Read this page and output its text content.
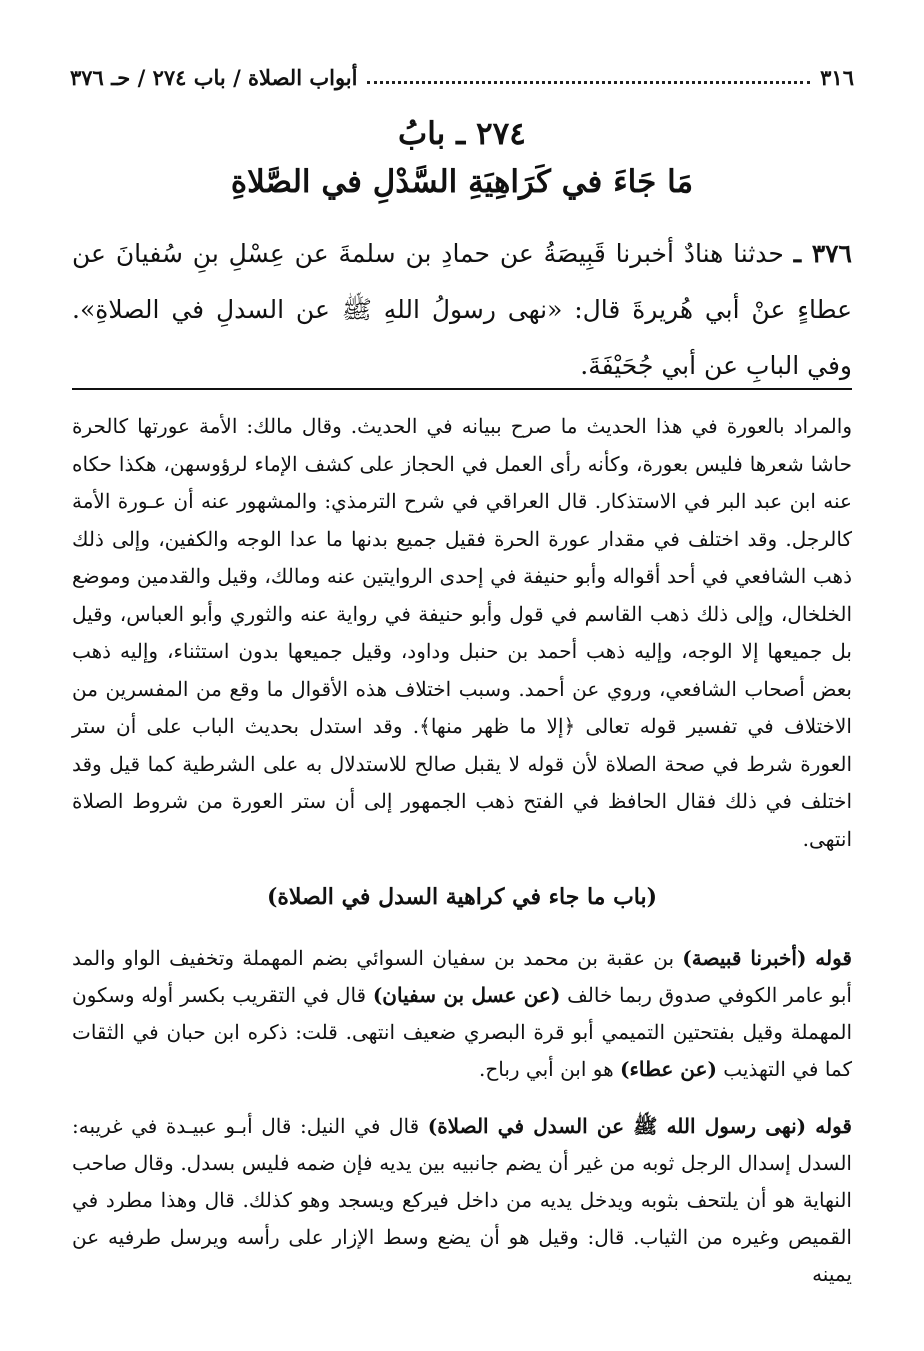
٣١٦
أبواب الصلاة / باب ٢٧٤ / حـ ٣٧٦
٢٧٤ ـ بابُ
مَا جَاءَ في كَرَاهِيَةِ السَّدْلِ في الصَّلاةِ
٣٧٦ ـ حدثنا هنادٌ أخبرنا قَبِيصَةُ عن حمادِ بن سلمةَ عن عِسْلِ بنِ سُفيانَ عن عطاءٍ عنْ أبي هُريرةَ قال: «نهى رسولُ اللهِ ﷺ عن السدلِ في الصلاةِ». وفي البابِ عن أبي جُحَيْفَةَ.
والمراد بالعورة في هذا الحديث ما صرح ببيانه في الحديث. وقال مالك: الأمة عورتها كالحرة حاشا شعرها فليس بعورة، وكأنه رأى العمل في الحجاز على كشف الإماء لرؤوسهن، هكذا حكاه عنه ابن عبد البر في الاستذكار. قال العراقي في شرح الترمذي: والمشهور عنه أن عـورة الأمة كالرجل. وقد اختلف في مقدار عورة الحرة فقيل جميع بدنها ما عدا الوجه والكفين، وإلى ذلك ذهب الشافعي في أحد أقواله وأبو حنيفة في إحدى الروايتين عنه ومالك، وقيل والقدمين وموضع الخلخال، وإلى ذلك ذهب القاسم في قول وأبو حنيفة في رواية عنه والثوري وأبو العباس، وقيل بل جميعها إلا الوجه، وإليه ذهب أحمد بن حنبل وداود، وقيل جميعها بدون استثناء، وإليه ذهب بعض أصحاب الشافعي، وروي عن أحمد. وسبب اختلاف هذه الأقوال ما وقع من المفسرين من الاختلاف في تفسير قوله تعالى ﴿إلا ما ظهر منها﴾. وقد استدل بحديث الباب على أن ستر العورة شرط في صحة الصلاة لأن قوله لا يقبل صالح للاستدلال به على الشرطية كما قيل وقد اختلف في ذلك فقال الحافظ في الفتح ذهب الجمهور إلى أن ستر العورة من شروط الصلاة انتهى.
(باب ما جاء في كراهية السدل في الصلاة)
قوله (أخبرنا قبيصة) بن عقبة بن محمد بن سفيان السوائي بضم المهملة وتخفيف الواو والمد أبو عامر الكوفي صدوق ربما خالف (عن عسل بن سفيان) قال في التقريب بكسر أوله وسكون المهملة وقيل بفتحتين التميمي أبو قرة البصري ضعيف انتهى. قلت: ذكره ابن حبان في الثقات كما في التهذيب (عن عطاء) هو ابن أبي رباح.
قوله (نهى رسول الله ﷺ عن السدل في الصلاة) قال في النيل: قال أبـو عبيـدة في غريبه: السدل إسدال الرجل ثوبه من غير أن يضم جانبيه بين يديه فإن ضمه فليس بسدل. وقال صاحب النهاية هو أن يلتحف بثوبه ويدخل يديه من داخل فيركع ويسجد وهو كذلك. قال وهذا مطرد في القميص وغيره من الثياب. قال: وقيل هو أن يضع وسط الإزار على رأسه ويرسل طرفيه عن يمينه
